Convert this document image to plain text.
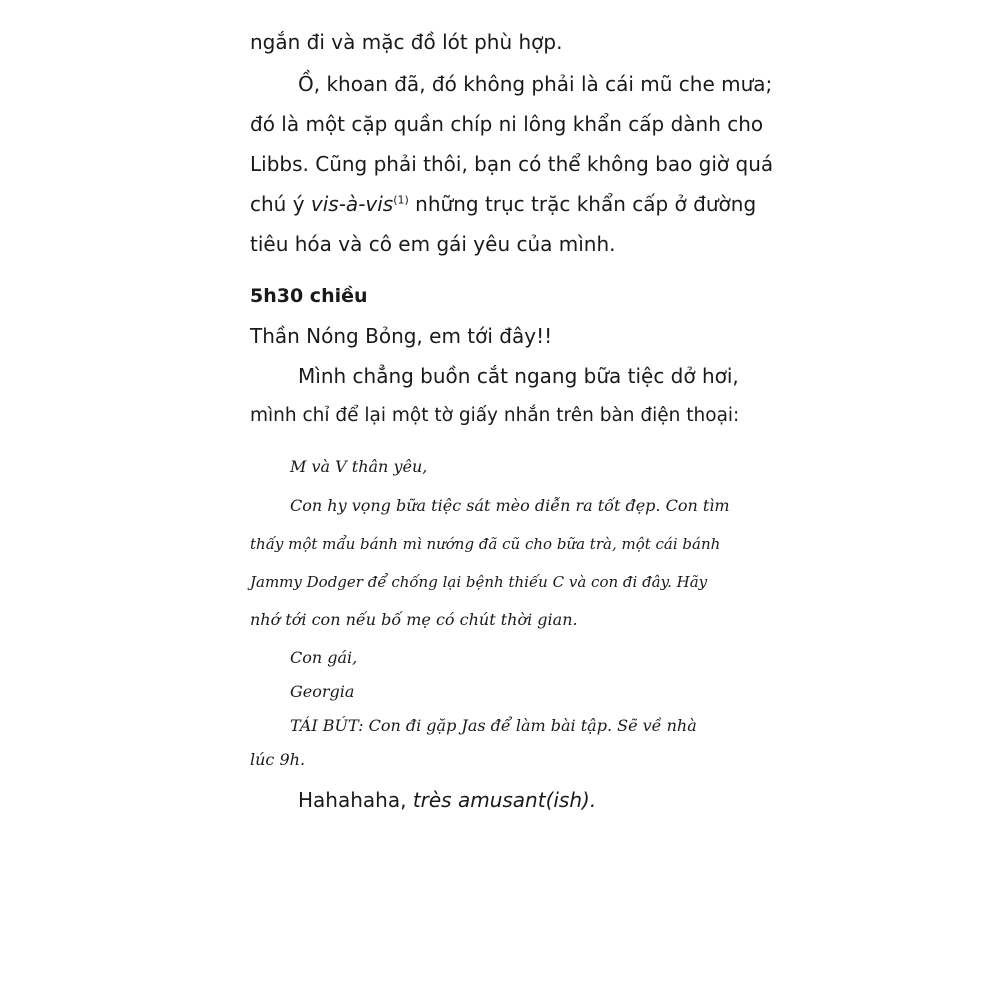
ngắn đi và mặc đồ lót phù hợp.
Ồ, khoan đã, đó không phải là cái mũ che mưa;
đó là một cặp quần chíp ni lông khẩn cấp dành cho
Libbs. Cũng phải thôi, bạn có thể không bao giờ quá
chú ý vis-à-vis$^{(1)}$ những trục trặc khẩn cấp ở đường
tiêu hóa và cô em gái yêu của mình.
5h30 chiều
Thần Nóng Bỏng, em tới đây!!
Mình chẳng buồn cắt ngang bữa tiệc dở hơi,
mình chỉ để lại một tờ giấy nhắn trên bàn điện thoại:
M và V thân yêu,
Con hy vọng bữa tiệc sát mèo diễn ra tốt đẹp. Con tìm
thấy một mẩu bánh mì nướng đã cũ cho bữa trà, một cái bánh
Jammy Dodger để chống lại bệnh thiếu C và con đi đây. Hãy
nhớ tới con nếu bố mẹ có chút thời gian.
Con gái,
Georgia
TÁI BÚT: Con đi gặp Jas để làm bài tập. Sẽ về nhà
lúc 9h.
Hahahaha, très amusant(ish).
